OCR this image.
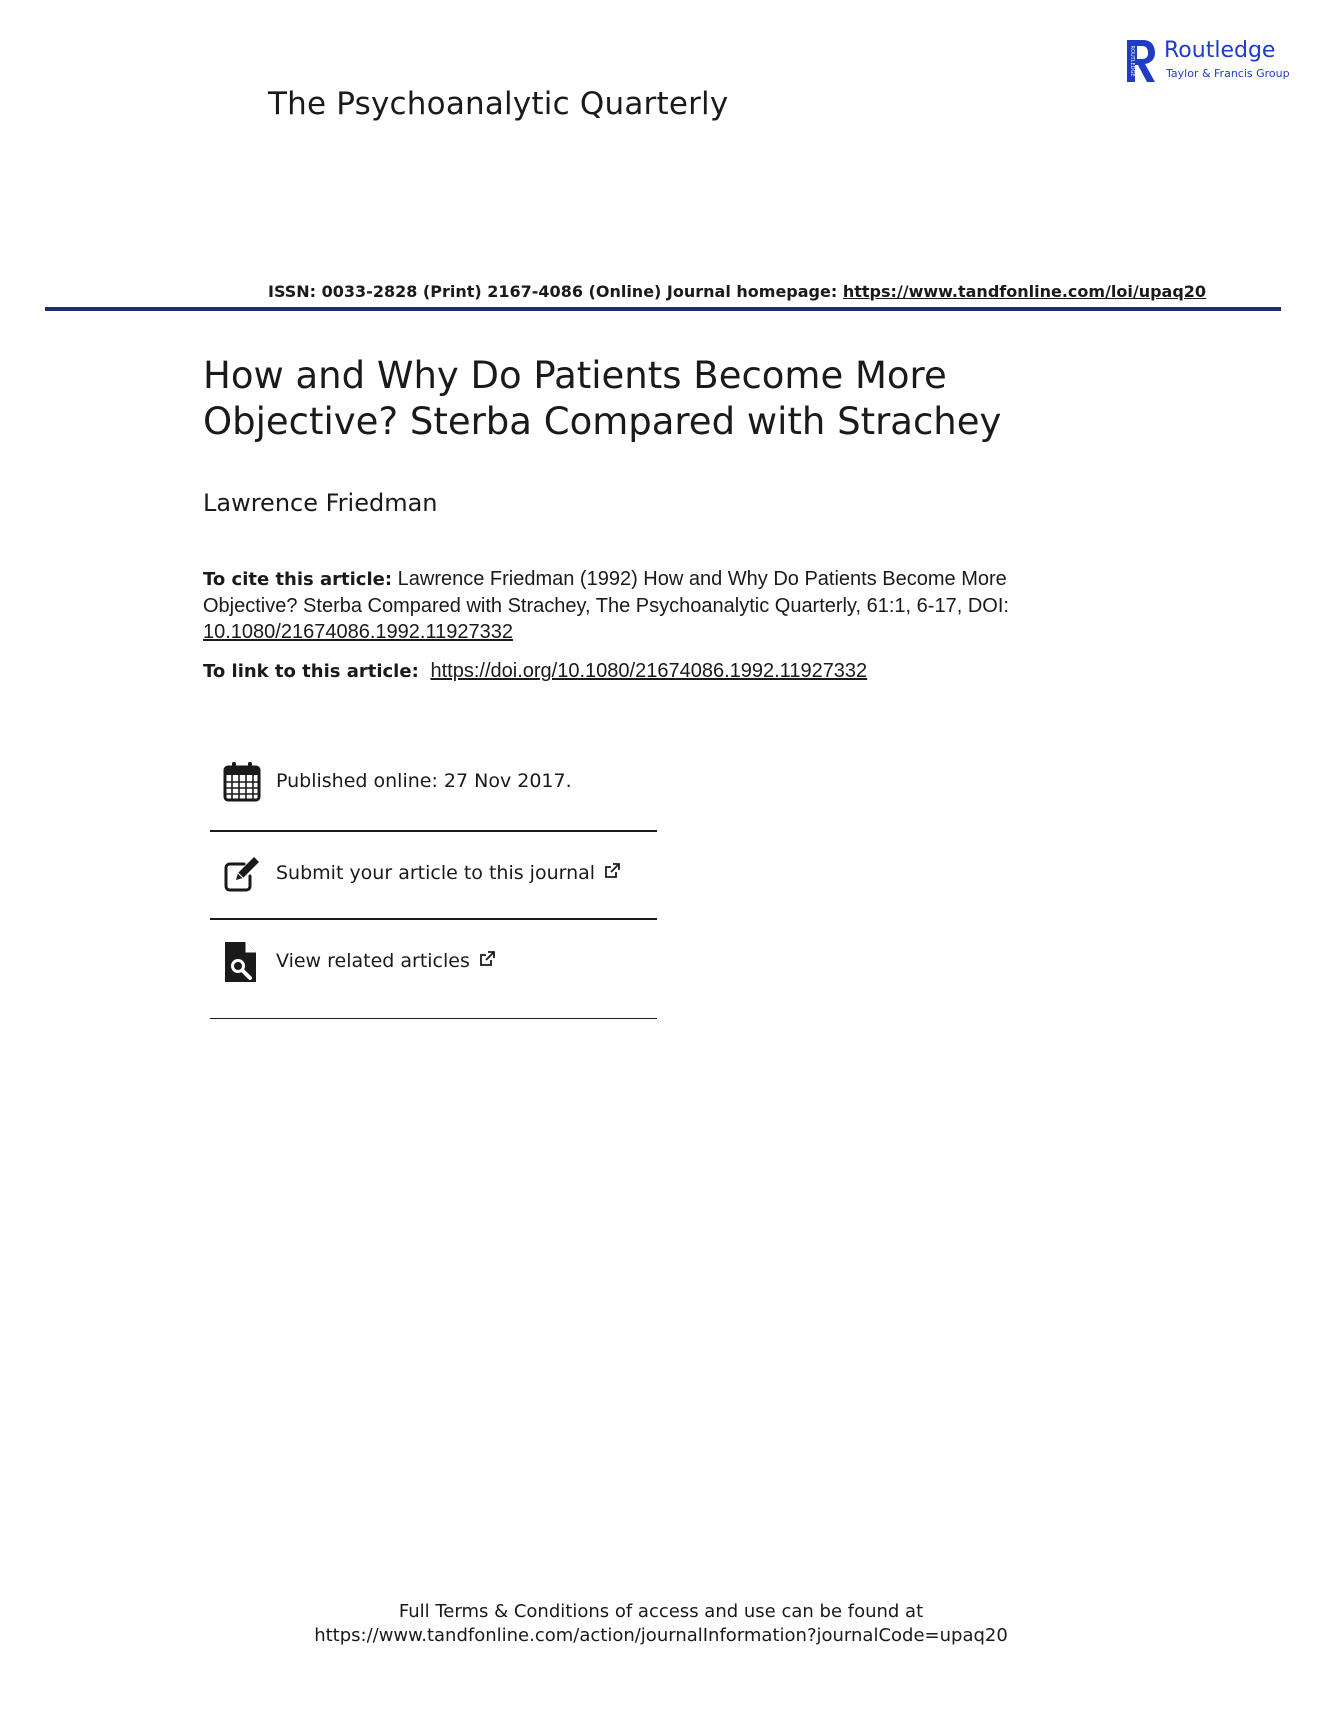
The Psychoanalytic Quarterly
ROUTLEDGE Routledge
Taylor & Francis Group
ISSN: 0033-2828 (Print) 2167-4086 (Online) Journal homepage: https://www.tandfonline.com/loi/upaq20
How and Why Do Patients Become More Objective? Sterba Compared with Strachey
Lawrence Friedman
To cite this article: Lawrence Friedman (1992) How and Why Do Patients Become More Objective? Sterba Compared with Strachey, The Psychoanalytic Quarterly, 61:1, 6-17, DOI:
10.1080/21674086.1992.11927332
To link to this article: https://doi.org/10.1080/21674086.1992.11927332
Published online: 27 Nov 2017.
Submit your article to this journal
View related articles
Full Terms & Conditions of access and use can be found at
https://www.tandfonline.com/action/journalInformation?journalCode=upaq20
